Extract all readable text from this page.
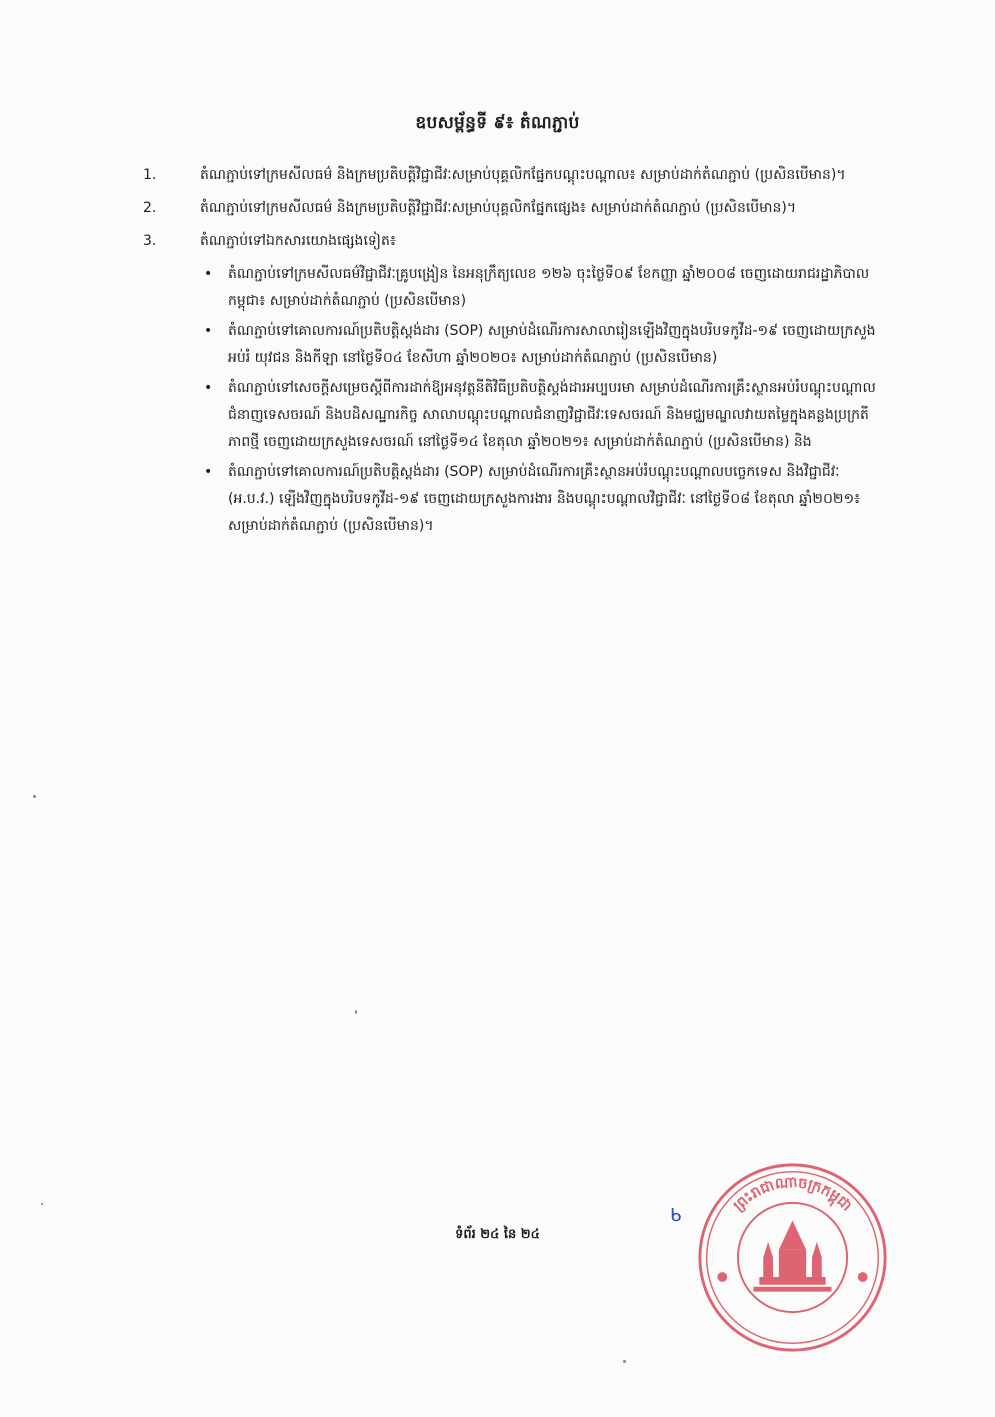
ឧបសម្ព័ន្ធទី ៩៖ តំណភ្ជាប់
1.	តំណភ្ជាប់ទៅក្រមសីលធម៌ និងក្រមប្រតិបត្តិវិជ្ជាជីវៈសម្រាប់បុគ្គលិកផ្នែកបណ្ដុះបណ្ដាល៖ សម្រាប់ដាក់តំណភ្ជាប់ (ប្រសិនបើមាន)។
2.	តំណភ្ជាប់ទៅក្រមសីលធម៌ និងក្រមប្រតិបត្តិវិជ្ជាជីវៈសម្រាប់បុគ្គលិកផ្នែកផ្សេង៖ សម្រាប់ដាក់តំណភ្ជាប់ (ប្រសិនបើមាន)។
3.	តំណភ្ជាប់ទៅឯកសារយោងផ្សេងទៀត៖
• តំណភ្ជាប់ទៅក្រមសីលធម៌វិជ្ជាជីវៈគ្រូបង្រៀន នៃអនុក្រឹត្យលេខ ១២៦ ចុះថ្ងៃទី០៩ ខែកញ្ញា ឆ្នាំ២០០៨ ចេញដោយរាជរដ្ឋាភិបាលកម្ពុជា៖ សម្រាប់ដាក់តំណភ្ជាប់ (ប្រសិនបើមាន)
• តំណភ្ជាប់ទៅគោលការណ៍ប្រតិបត្តិស្តង់ដារ (SOP) សម្រាប់ដំណើរការសាលារៀនឡើងវិញក្នុងបរិបទកូវីដ-១៩ ចេញដោយក្រសួងអប់រំ យុវជន និងកីឡា នៅថ្ងៃទី០៤ ខែសីហា ឆ្នាំ២០២០៖ សម្រាប់ដាក់តំណភ្ជាប់ (ប្រសិនបើមាន)
• តំណភ្ជាប់ទៅសេចក្តីសម្រេចស្តីពីការដាក់ឱ្យអនុវត្តនីតិវិធីប្រតិបត្តិស្តង់ដារអប្បបរមា សម្រាប់ដំណើរការគ្រឹះស្ថានអប់រំបណ្តុះបណ្តាលជំនាញទេសចរណ៍ និងបដិសណ្ឋារកិច្ច សាលាបណ្តុះបណ្តាលជំនាញវិជ្ជាជីវៈទេសចរណ៍ និងមជ្ឈមណ្ឌលវាយតម្លៃក្នុងគន្លងប្រក្រតីភាពថ្មី ចេញដោយក្រសួងទេសចរណ៍ នៅថ្ងៃទី១៤ ខែតុលា ឆ្នាំ២០២១៖ សម្រាប់ដាក់តំណភ្ជាប់ (ប្រសិនបើមាន) និង
• តំណភ្ជាប់ទៅគោលការណ៍ប្រតិបត្តិស្តង់ដារ (SOP) សម្រាប់ដំណើរការគ្រឹះស្ថានអប់រំបណ្តុះបណ្តាលបច្ចេកទេស និងវិជ្ជាជីវៈ (អ.ប.វ.) ឡើងវិញក្នុងបរិបទកូវីដ-១៩ ចេញដោយក្រសួងការងារ និងបណ្តុះបណ្តាលវិជ្ជាជីវៈ នៅថ្ងៃទី០៨ ខែតុលា ឆ្នាំ២០២១៖ សម្រាប់ដាក់តំណភ្ជាប់ (ប្រសិនបើមាន)។
ទំព័រ ២៤ នៃ ២៤
ᑲ
ព្រះរាជាណាចក្រកម្ពុជា
